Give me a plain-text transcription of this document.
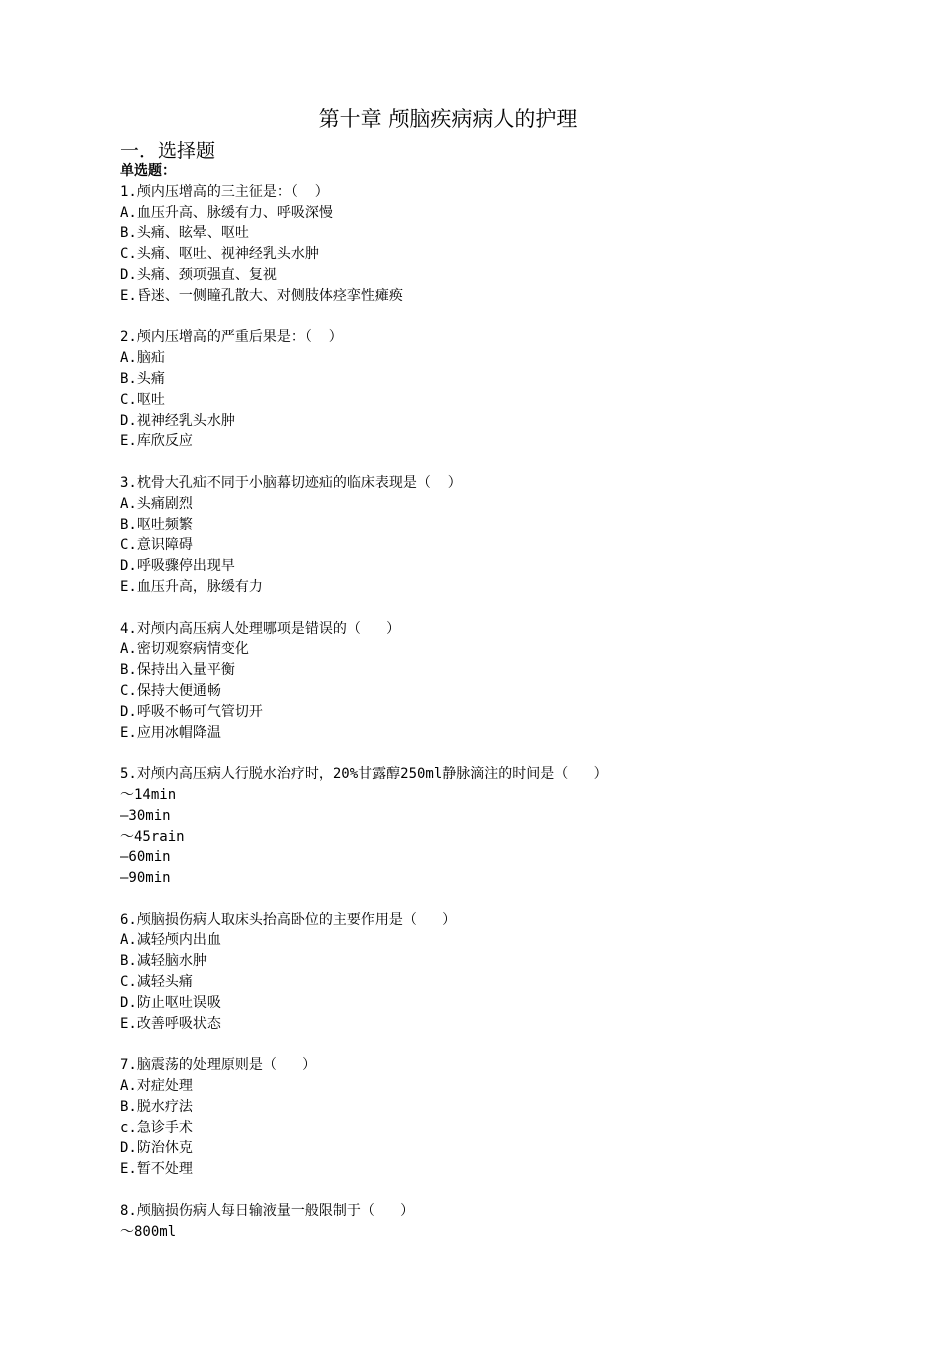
第十章 颅脑疾病病人的护理
一．选择题
单选题：
1.颅内压增高的三主征是：（  ）
A.血压升高、脉缓有力、呼吸深慢
B.头痛、眩晕、呕吐
C.头痛、呕吐、视神经乳头水肿
D.头痛、颈项强直、复视
E.昏迷、一侧瞳孔散大、对侧肢体痉挛性瘫痪
2.颅内压增高的严重后果是：（  ）
A.脑疝
B.头痛
C.呕吐
D.视神经乳头水肿
E.库欣反应
3.枕骨大孔疝不同于小脑幕切迹疝的临床表现是（  ）
A.头痛剧烈
B.呕吐频繁
C.意识障碍
D.呼吸骤停出现早
E.血压升高，脉缓有力
4.对颅内高压病人处理哪项是错误的（   ）
A.密切观察病情变化
B.保持出入量平衡
C.保持大便通畅
D.呼吸不畅可气管切开
E.应用冰帽降温
5.对颅内高压病人行脱水治疗时，20%甘露醇250ml静脉滴注的时间是（   ）
～14min
—30min
～45rain
—60min
—90min
6.颅脑损伤病人取床头抬高卧位的主要作用是（   ）
A.减轻颅内出血
B.减轻脑水肿
C.减轻头痛
D.防止呕吐误吸
E.改善呼吸状态
7.脑震荡的处理原则是（   ）
A.对症处理
B.脱水疗法
c.急诊手术
D.防治休克
E.暂不处理
8.颅脑损伤病人每日输液量一般限制于（   ）
～800ml
